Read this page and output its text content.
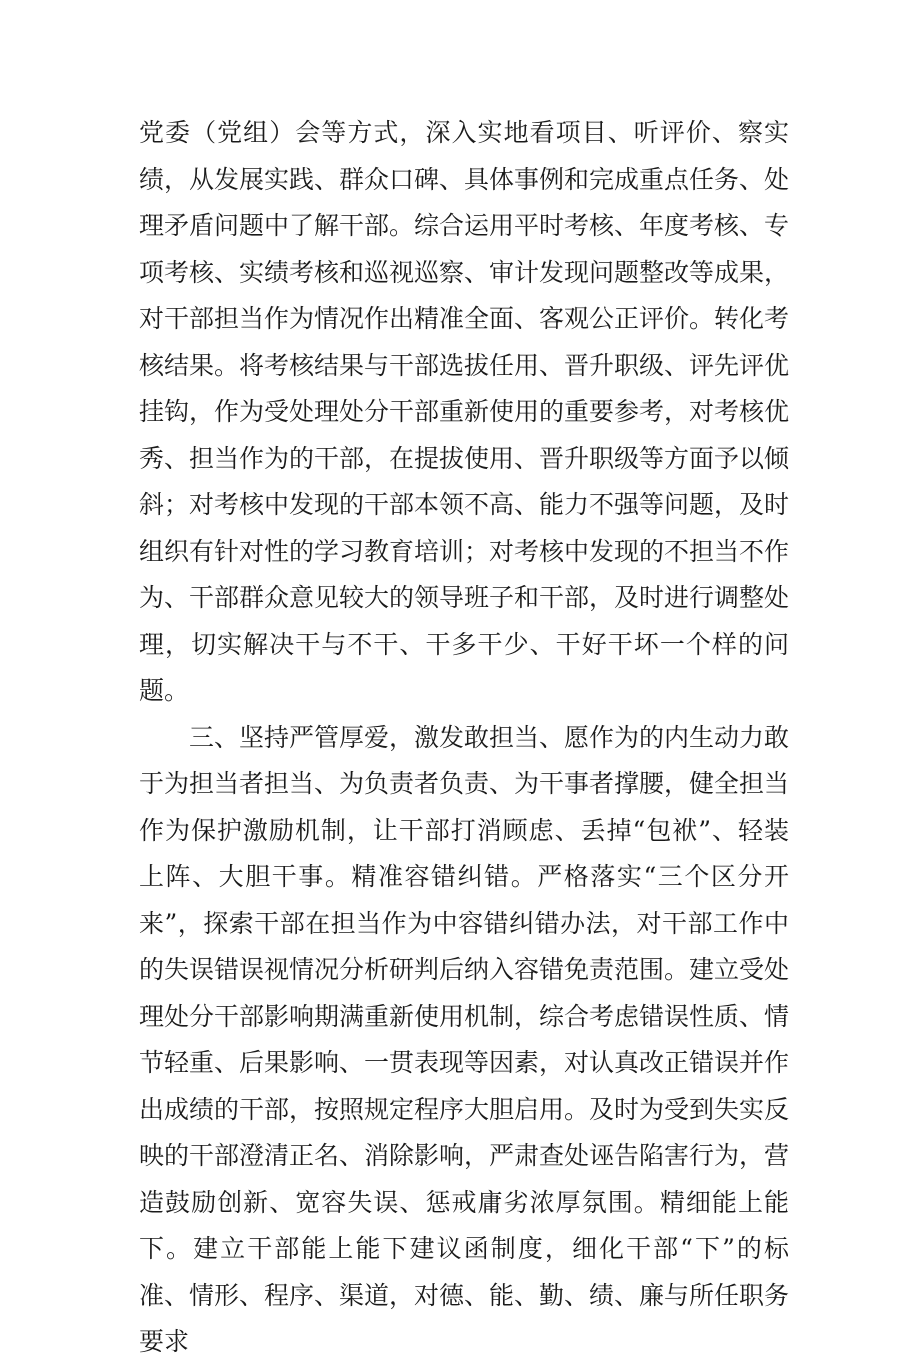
党委（党组）会等方式，深入实地看项目、听评价、察实绩，从发展实践、群众口碑、具体事例和完成重点任务、处理矛盾问题中了解干部。综合运用平时考核、年度考核、专项考核、实绩考核和巡视巡察、审计发现问题整改等成果，对干部担当作为情况作出精准全面、客观公正评价。转化考核结果。将考核结果与干部选拔任用、晋升职级、评先评优挂钩，作为受处理处分干部重新使用的重要参考，对考核优秀、担当作为的干部，在提拔使用、晋升职级等方面予以倾斜；对考核中发现的干部本领不高、能力不强等问题，及时组织有针对性的学习教育培训；对考核中发现的不担当不作为、干部群众意见较大的领导班子和干部，及时进行调整处理，切实解决干与不干、干多干少、干好干坏一个样的问题。

三、坚持严管厚爱，激发敢担当、愿作为的内生动力敢于为担当者担当、为负责者负责、为干事者撑腰，健全担当作为保护激励机制，让干部打消顾虑、丢掉“包袱”、轻装上阵、大胆干事。精准容错纠错。严格落实“三个区分开来”，探索干部在担当作为中容错纠错办法，对干部工作中的失误错误视情况分析研判后纳入容错免责范围。建立受处理处分干部影响期满重新使用机制，综合考虑错误性质、情节轻重、后果影响、一贯表现等因素，对认真改正错误并作出成绩的干部，按照规定程序大胆启用。及时为受到失实反映的干部澄清正名、消除影响，严肃查处诬告陷害行为，营造鼓励创新、宽容失误、惩戒庸劣浓厚氛围。精细能上能下。建立干部能上能下建议函制度，细化干部“下”的标准、情形、程序、渠道，对德、能、勤、绩、廉与所任职务要求
